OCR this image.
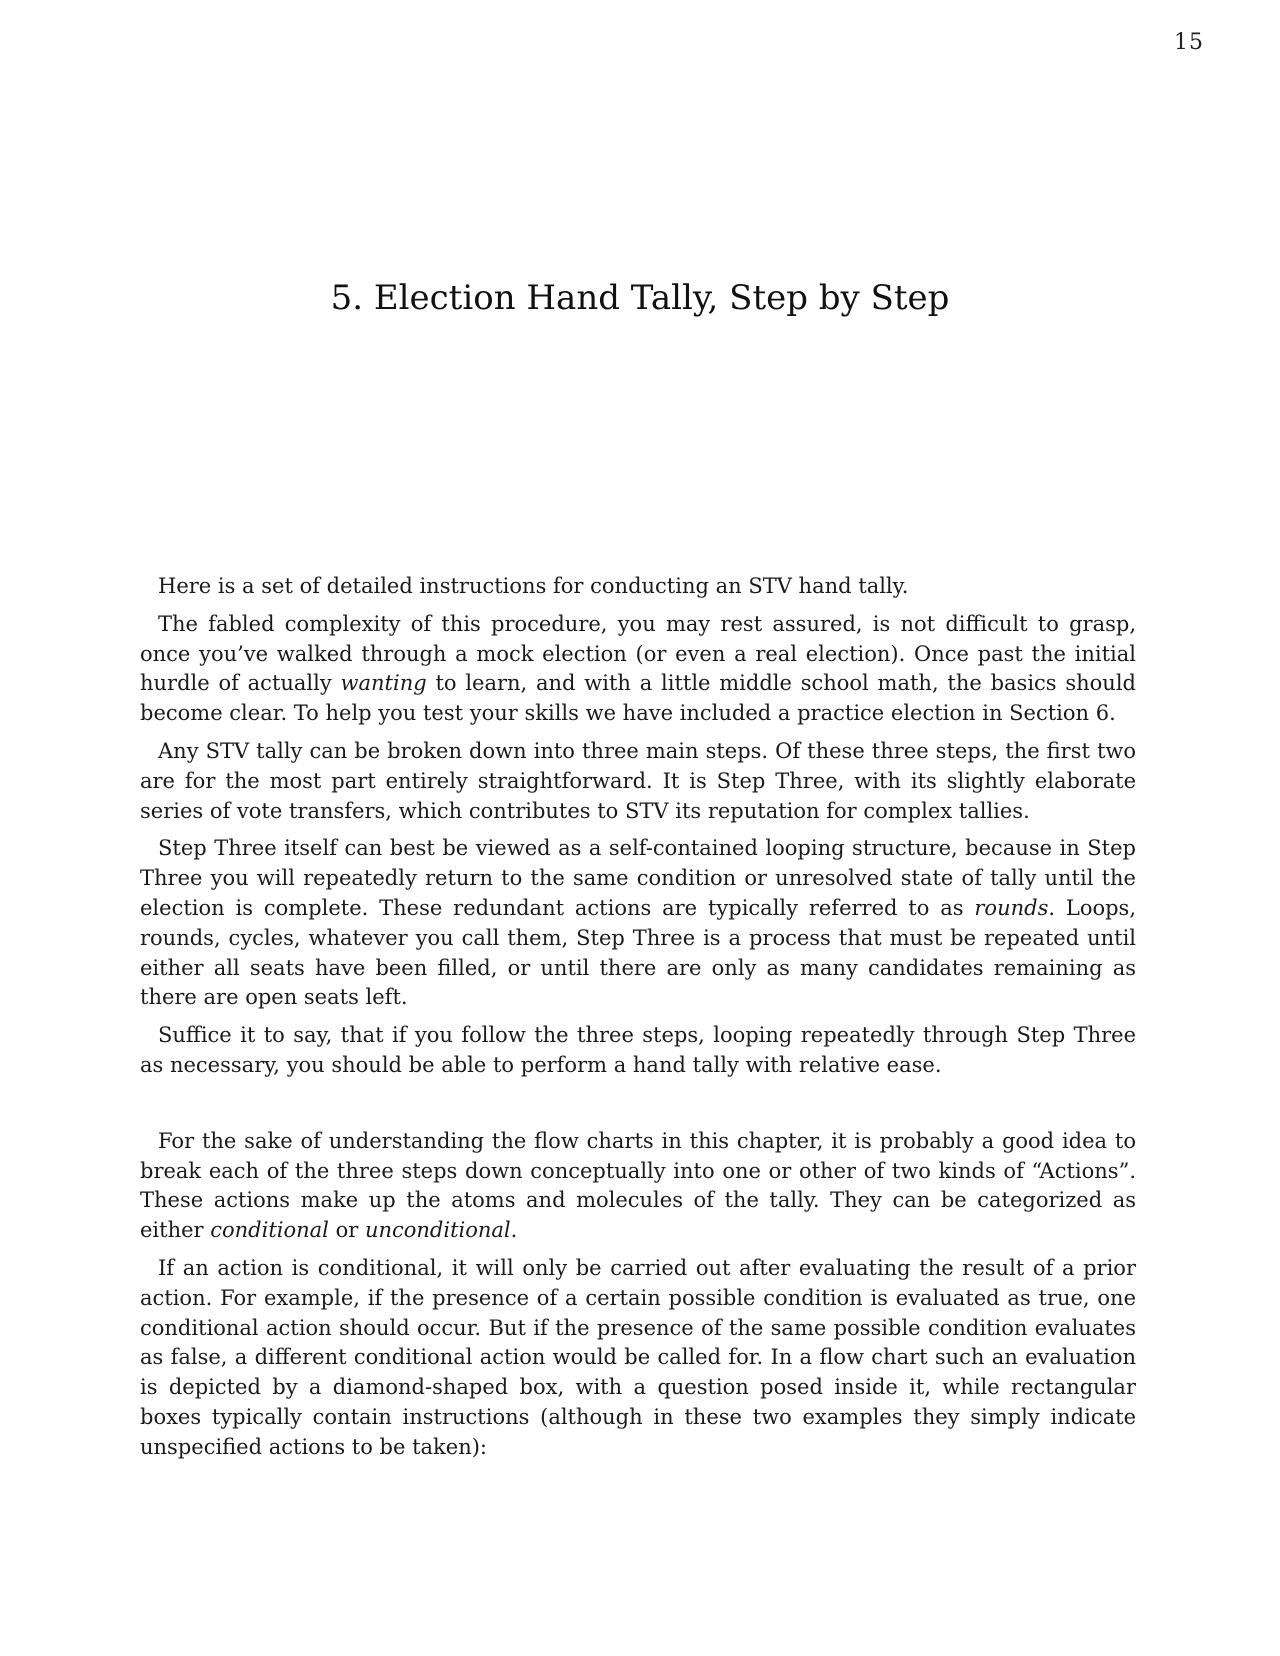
15
5. Election Hand Tally, Step by Step

Here is a set of detailed instructions for conducting an STV hand tally.

The fabled complexity of this procedure, you may rest assured, is not difficult to grasp, once you’ve walked through a mock election (or even a real election). Once past the initial hurdle of actually wanting to learn, and with a little middle school math, the basics should become clear. To help you test your skills we have included a practice election in Section 6.

Any STV tally can be broken down into three main steps. Of these three steps, the first two are for the most part entirely straightforward. It is Step Three, with its slightly elaborate series of vote transfers, which contributes to STV its reputation for complex tallies.

Step Three itself can best be viewed as a self-contained looping structure, because in Step Three you will repeatedly return to the same condition or unresolved state of tally until the election is complete. These redundant actions are typically referred to as rounds. Loops, rounds, cycles, whatever you call them, Step Three is a process that must be repeated until either all seats have been filled, or until there are only as many candidates remaining as there are open seats left.

Suffice it to say, that if you follow the three steps, looping repeatedly through Step Three as necessary, you should be able to perform a hand tally with relative ease.

For the sake of understanding the flow charts in this chapter, it is probably a good idea to break each of the three steps down conceptually into one or other of two kinds of “Actions”. These actions make up the atoms and molecules of the tally. They can be categorized as either conditional or unconditional.

If an action is conditional, it will only be carried out after evaluating the result of a prior action. For example, if the presence of a certain possible condition is evaluated as true, one conditional action should occur. But if the presence of the same possible condition evaluates as false, a different conditional action would be called for. In a flow chart such an evaluation is depicted by a diamond-shaped box, with a question posed inside it, while rectangular boxes typically contain instructions (although in these two examples they simply indicate unspecified actions to be taken):
